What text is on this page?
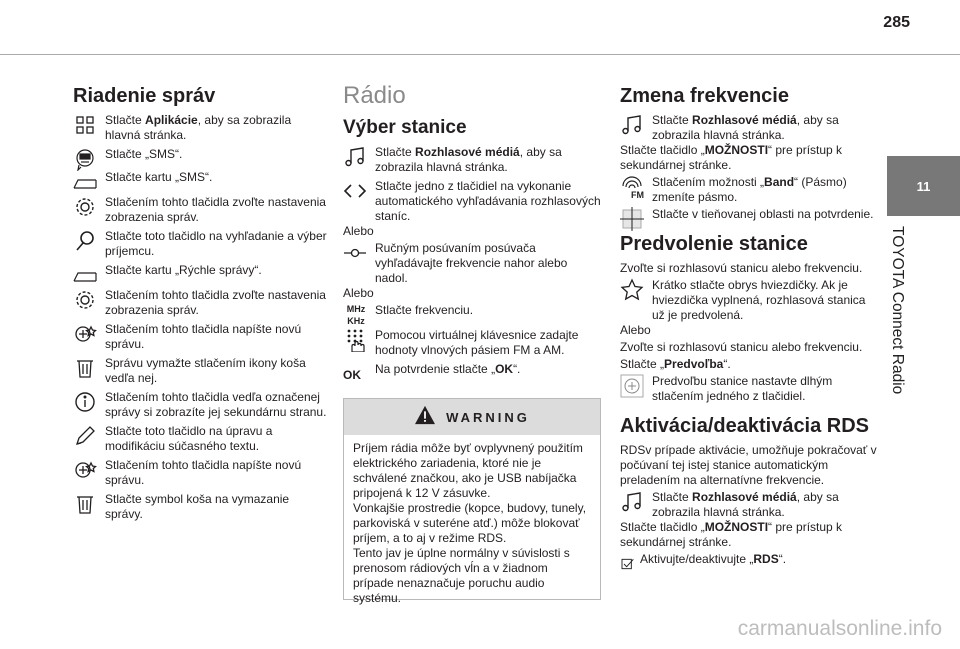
285
11
TOYOTA Connect Radio
Riadenie správ
Stlačte Aplikácie, aby sa zobrazila hlavná stránka.
Stlačte „SMS“.
Stlačte kartu „SMS“.
Stlačením tohto tlačidla zvoľte nastavenia zobrazenia správ.
Stlačte toto tlačidlo na vyhľadanie a výber príjemcu.
Stlačte kartu „Rýchle správy“.
Stlačením tohto tlačidla zvoľte nastavenia zobrazenia správ.
Stlačením tohto tlačidla napíšte novú správu.
Správu vymažte stlačením ikony koša vedľa nej.
Stlačením tohto tlačidla vedľa označenej správy si zobrazíte jej sekundárnu stranu.
Stlačte toto tlačidlo na úpravu a modifikáciu súčasného textu.
Stlačením tohto tlačidla napíšte novú správu.
Stlačte symbol koša na vymazanie správy.
Rádio
Výber stanice
Stlačte Rozhlasové médiá, aby sa zobrazila hlavná stránka.
Stlačte jedno z tlačidiel na vykonanie automatického vyhľadávania rozhlasových staníc.
Alebo
Ručným posúvaním posúvača vyhľadávajte frekvencie nahor alebo nadol.
Alebo
MHz
KHz
Stlačte frekvenciu.
Pomocou virtuálnej klávesnice zadajte hodnoty vlnových pásiem FM a AM.
OK	Na potvrdenie stlačte „OK“.
WARNING
Príjem rádia môže byť ovplyvnený použitím elektrického zariadenia, ktoré nie je schválené značkou, ako je USB nabíjačka pripojená k 12 V zásuvke.
Vonkajšie prostredie (kopce, budovy, tunely, parkoviská v suteréne atď.) môže blokovať príjem, a to aj v režime RDS.
Tento jav je úplne normálny v súvislosti s prenosom rádiových vĺn a v žiadnom prípade nenaznačuje poruchu audio systému.
Zmena frekvencie
Stlačte Rozhlasové médiá, aby sa zobrazila hlavná stránka.
Stlačte tlačidlo „MOŽNOSTI“ pre prístup k sekundárnej stránke.
FM
Stlačením možnosti „Band“ (Pásmo) zmeníte pásmo.
Stlačte v tieňovanej oblasti na potvrdenie.
Predvolenie stanice
Zvoľte si rozhlasovú stanicu alebo frekvenciu.
Krátko stlačte obrys hviezdičky. Ak je hviezdička vyplnená, rozhlasová stanica už je predvolená.
Alebo
Zvoľte si rozhlasovú stanicu alebo frekvenciu.
Stlačte „Predvoľba“.
Predvoľbu stanice nastavte dlhým stlačením jedného z tlačidiel.
Aktivácia/deaktivácia RDS
RDSv prípade aktivácie, umožňuje pokračovať v počúvaní tej istej stanice automatickým preladením na alternatívne frekvencie.
Stlačte Rozhlasové médiá, aby sa zobrazila hlavná stránka.
Stlačte tlačidlo „MOŽNOSTI“ pre prístup k sekundárnej stránke.
Aktivujte/deaktivujte „RDS“.
carmanualsonline.info
